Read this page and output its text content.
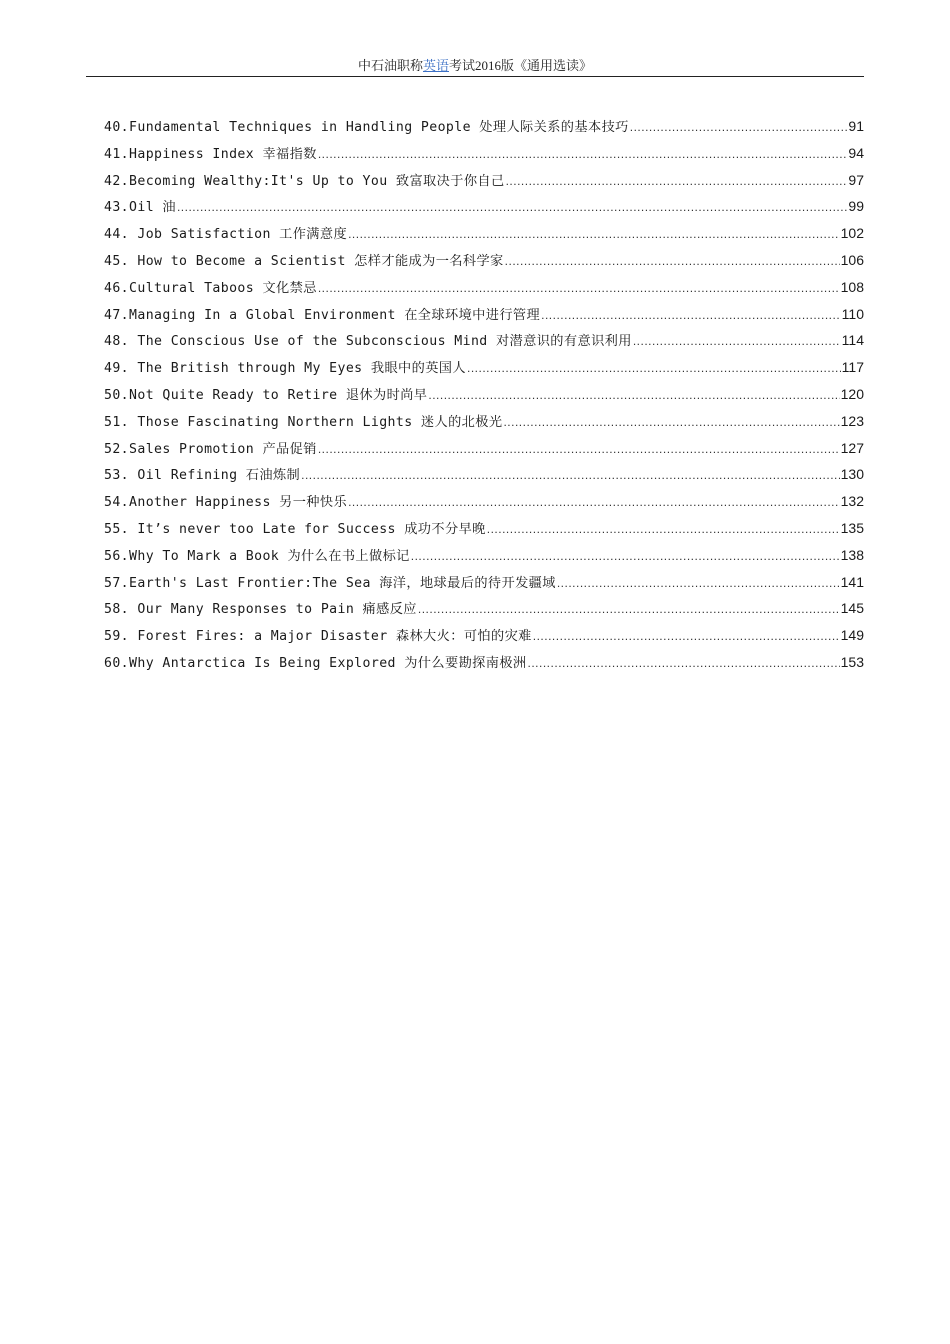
中石油职称英语考试2016版《通用选读》
40.Fundamental Techniques in Handling People 处理人际关系的基本技巧 .....	91
41.Happiness Index 幸福指数 .....	94
42.Becoming Wealthy:It's Up to You 致富取决于你自己 .....	97
43.Oil 油 .....	99
44. Job Satisfaction 工作满意度 .....	102
45. How to Become a Scientist 怎样才能成为一名科学家 .....	106
46.Cultural Taboos 文化禁忌 .....	108
47.Managing In a Global Environment 在全球环境中进行管理 .....	110
48. The Conscious Use of the Subconscious Mind 对潜意识的有意识利用 .....	114
49. The British through My Eyes 我眼中的英国人 .....	117
50.Not Quite Ready to Retire 退休为时尚早 .....	120
51. Those Fascinating Northern Lights 迷人的北极光 .....	123
52.Sales Promotion 产品促销 .....	127
53. Oil Refining 石油炼制 .....	130
54.Another Happiness 另一种快乐 .....	132
55. It’s never too Late for Success 成功不分早晚 .....	135
56.Why To Mark a Book 为什么在书上做标记 .....	138
57.Earth's Last Frontier:The Sea 海洋，地球最后的待开发疆域 .....	141
58. Our Many Responses to Pain 痛感反应 .....	145
59. Forest Fires: a Major Disaster 森林大火：可怕的灾难 .....	149
60.Why Antarctica Is Being Explored 为什么要勘探南极洲 .....	153
